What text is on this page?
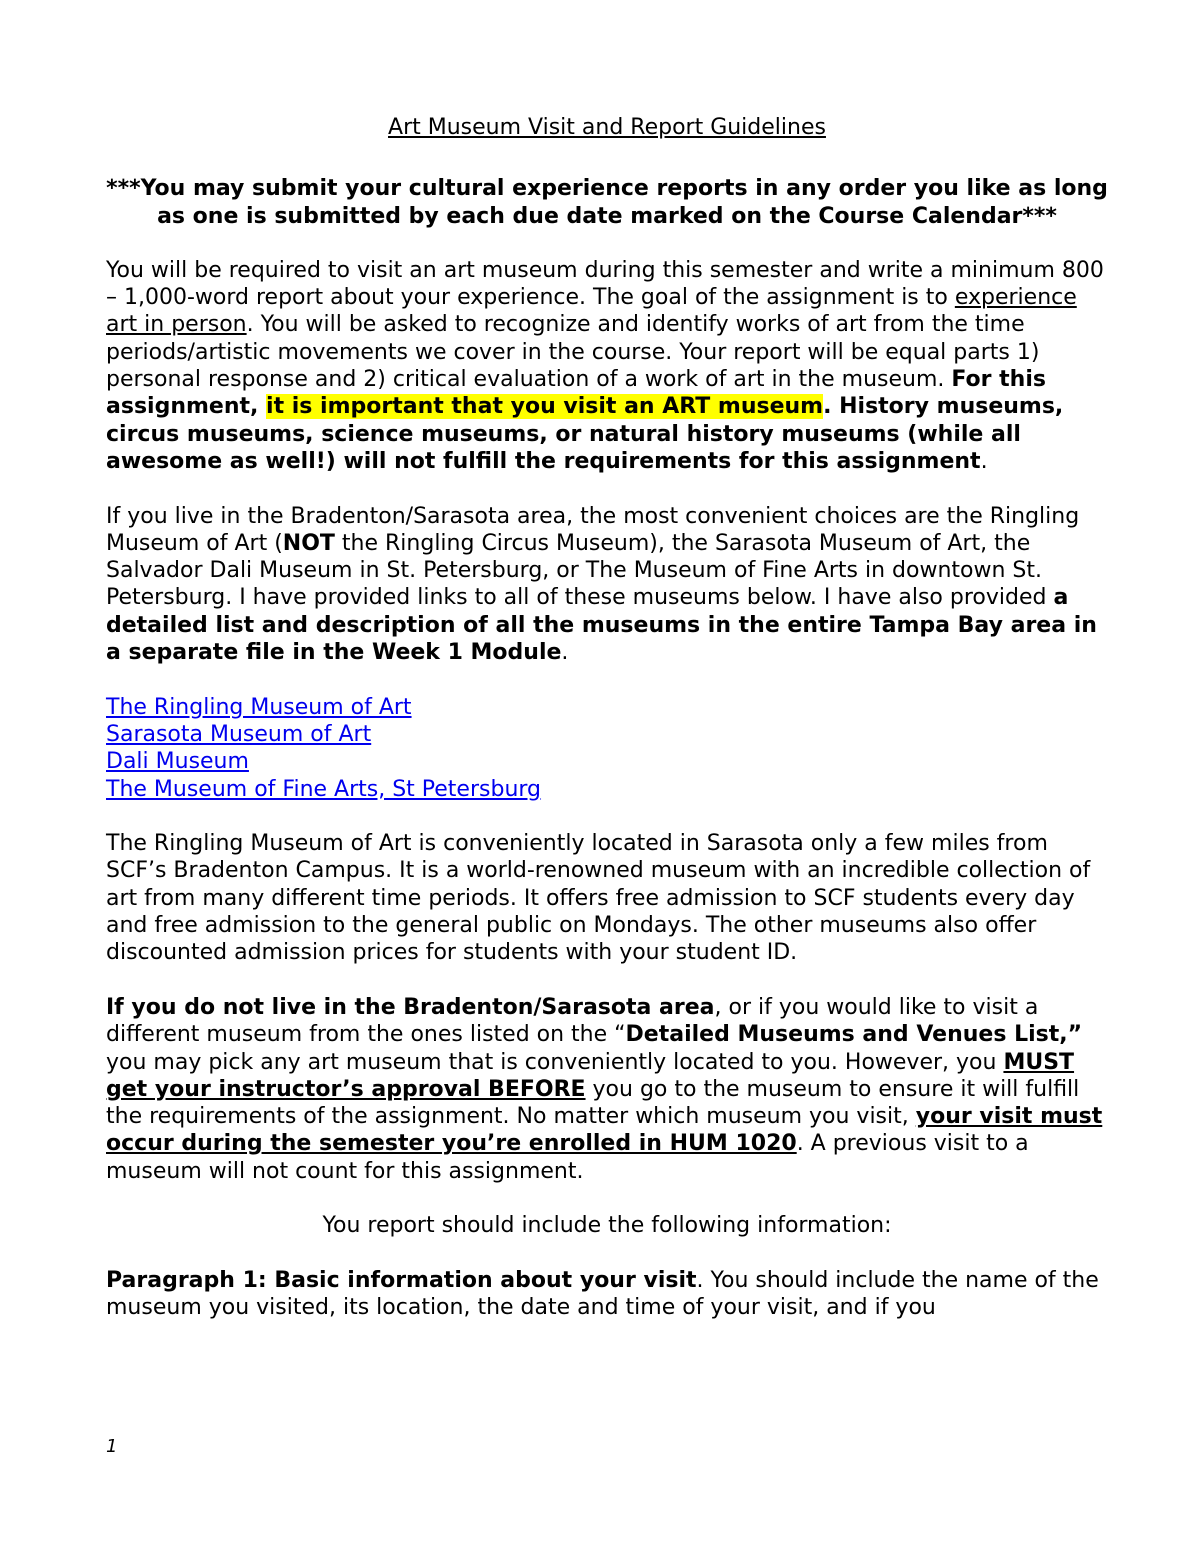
Art Museum Visit and Report Guidelines
***You may submit your cultural experience reports in any order you like as long as one is submitted by each due date marked on the Course Calendar***

You will be required to visit an art museum during this semester and write a minimum 800 – 1,000-word report about your experience. The goal of the assignment is to experience art in person. You will be asked to recognize and identify works of art from the time periods/artistic movements we cover in the course. Your report will be equal parts 1) personal response and 2) critical evaluation of a work of art in the museum. For this assignment, it is important that you visit an ART museum. History museums, circus museums, science museums, or natural history museums (while all awesome as well!) will not fulfill the requirements for this assignment.

If you live in the Bradenton/Sarasota area, the most convenient choices are the Ringling Museum of Art (NOT the Ringling Circus Museum), the Sarasota Museum of Art, the Salvador Dali Museum in St. Petersburg, or The Museum of Fine Arts in downtown St. Petersburg. I have provided links to all of these museums below. I have also provided a detailed list and description of all the museums in the entire Tampa Bay area in a separate file in the Week 1 Module.

The Ringling Museum of Art
Sarasota Museum of Art
Dali Museum
The Museum of Fine Arts, St Petersburg

The Ringling Museum of Art is conveniently located in Sarasota only a few miles from SCF’s Bradenton Campus. It is a world-renowned museum with an incredible collection of art from many different time periods. It offers free admission to SCF students every day and free admission to the general public on Mondays. The other museums also offer discounted admission prices for students with your student ID.

If you do not live in the Bradenton/Sarasota area, or if you would like to visit a different museum from the ones listed on the “Detailed Museums and Venues List,” you may pick any art museum that is conveniently located to you. However, you MUST get your instructor’s approval BEFORE you go to the museum to ensure it will fulfill the requirements of the assignment. No matter which museum you visit, your visit must occur during the semester you’re enrolled in HUM 1020. A previous visit to a museum will not count for this assignment.

You report should include the following information:

Paragraph 1: Basic information about your visit. You should include the name of the museum you visited, its location, the date and time of your visit, and if you

1
